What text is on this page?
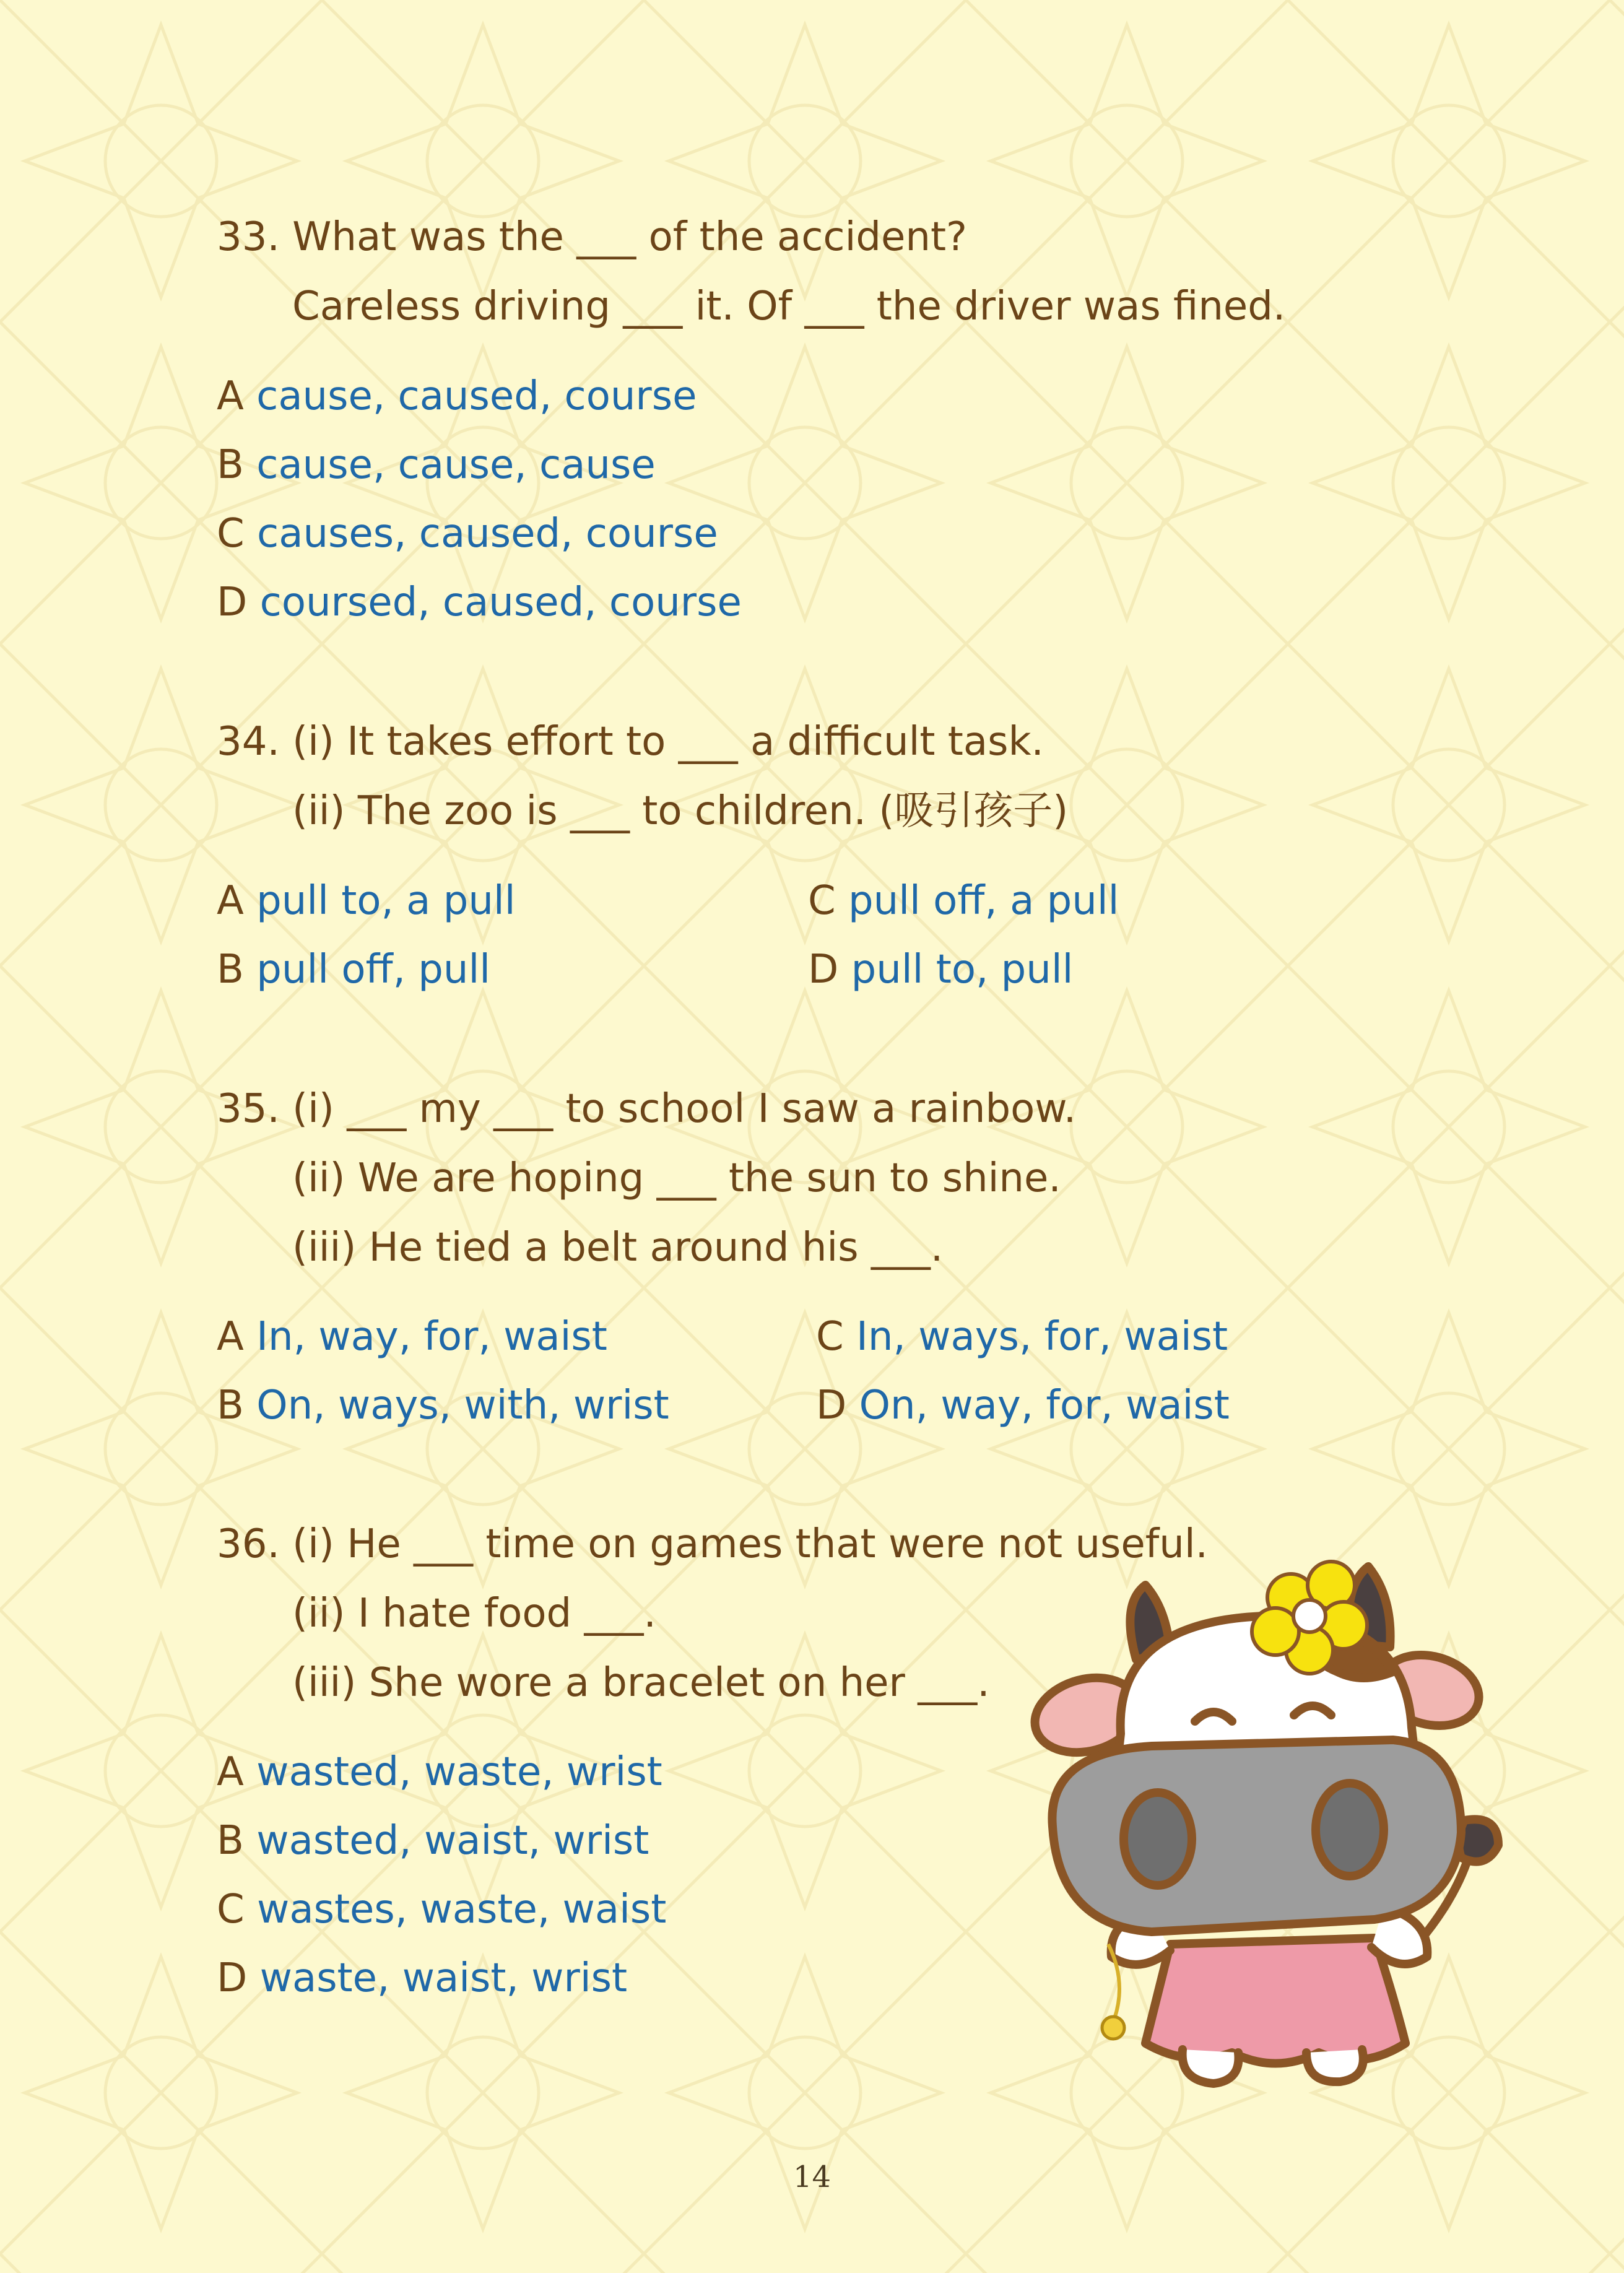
33. What was the ___ of the accident?
Careless driving ___ it. Of ___ the driver was fined.
A cause, caused, course
B cause, cause, cause
C causes, caused, course
D coursed, caused, course
34. (i) It takes effort to ___ a difficult task.
(ii) The zoo is ___ to children. (吸引孩子)
A pull to, a pull
B pull off, pull
C pull off, a pull
D pull to, pull
35. (i) ___ my ___ to school I saw a rainbow.
(ii) We are hoping ___ the sun to shine.
(iii) He tied a belt around his ___.
A In, way, for, waist
B On, ways, with, wrist
C In, ways, for, waist
D On, way, for, waist
36. (i) He ___ time on games that were not useful.
(ii) I hate food ___.
(iii) She wore a bracelet on her ___.
A wasted, waste, wrist
B wasted, waist, wrist
C wastes, waste, waist
D waste, waist, wrist
14
